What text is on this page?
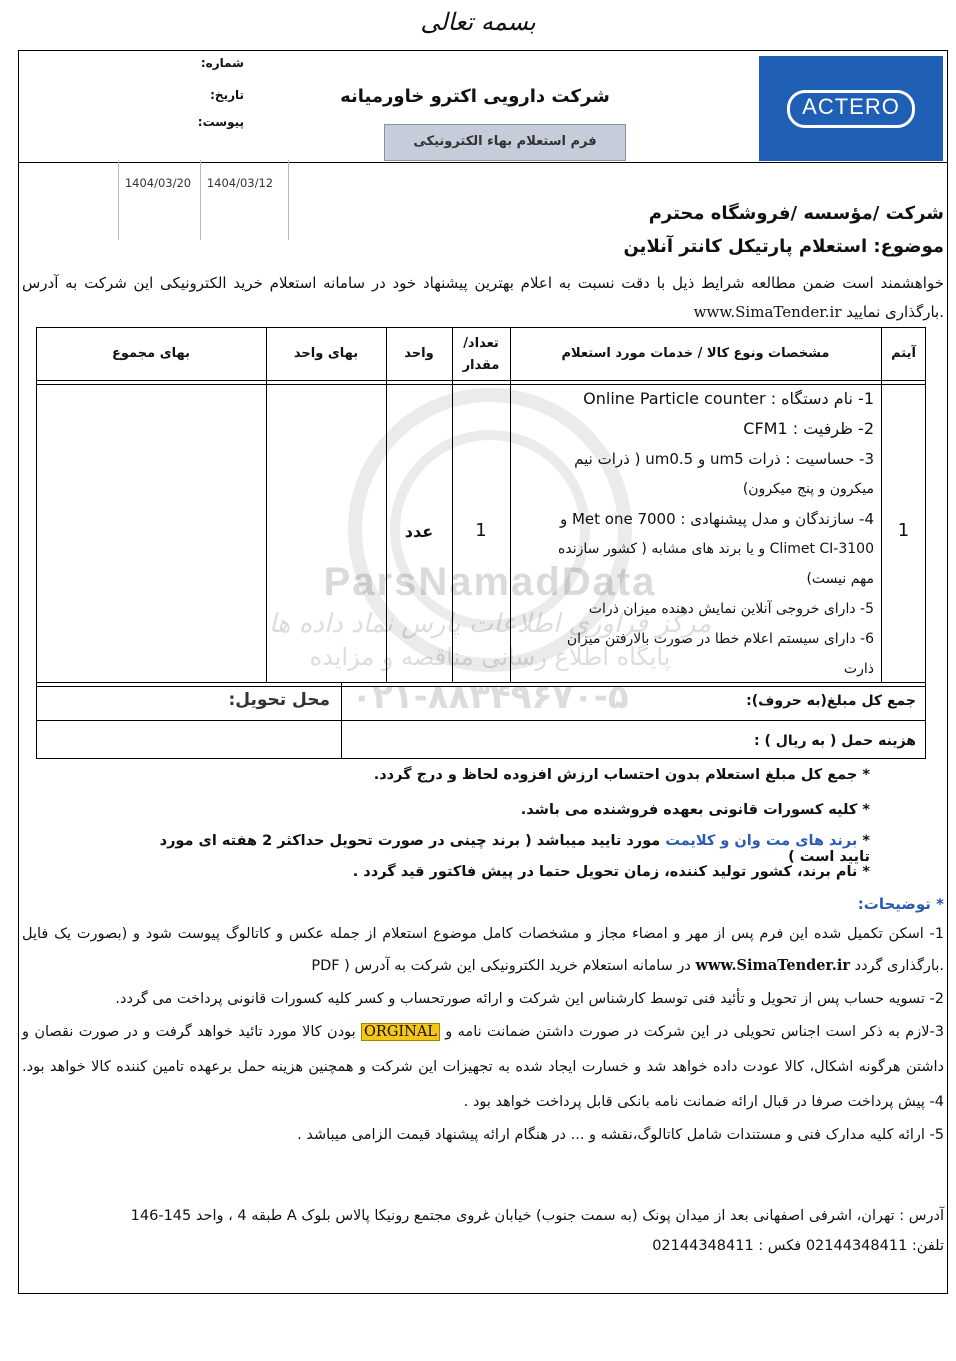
ParsNamadData
مرکز فراوری اطلاعات پارس نماد داده ها
پایگاه اطلاع رسانی مناقصه و مزایده
۰۲۱-۸۸۳۴۹۶۷۰-۵
بسمه تعالی
ACTERO
شرکت دارویی اکترو خاورمیانه
فرم استعلام بهاء الکترونیکی
شماره:
تاریخ:
پیوست:
1404/03/12
1404/03/20
شرکت /مؤسسه /فروشگاه محترم
موضوع: استعلام پارتیکل کانتر آنلاین
خواهشمند است ضمن مطالعه شرایط ذیل با دقت نسبت به اعلام بهترین پیشنهاد خود در سامانه استعلام خرید الکترونیکی این شرکت به آدرس
www.SimaTender.ir بارگذاری نمایید.
آیتم
مشخصات ونوع کالا / خدمات مورد استعلام
تعداد/ مقدار
واحد
بهای واحد
بهای مجموع
1
1
عدد
1- نام دستگاه : Online Particle counter
2- ظرفیت : CFM1
3- حساسیت : ذرات um5 و um0.5 ( ذرات نیم
میکرون و پنج میکرون)
4- سازندگان و مدل پیشنهادی : Met one 7000 و
Climet CI-3100 و یا برند های مشابه ( کشور سازنده
مهم نیست)
5- دارای خروجی آنلاین نمایش دهنده میزان ذرات
6- دارای سیستم اعلام خطا در صورت بالارفتن میزان
ذارت
جمع کل مبلغ(به حروف):
محل تحویل:
هزینه حمل ( به ریال ) :
* جمع کل مبلغ استعلام بدون احتساب ارزش افزوده لحاظ و درج گردد.
* کلیه کسورات قانونی بعهده فروشنده می باشد.
* برند های مت وان و کلایمت مورد تایید میباشد ( برند چینی در صورت تحویل حداکثر 2 هفته ای مورد تایید است )
* نام برند، کشور تولید کننده، زمان تحویل حتما در پیش فاکتور قید گردد .
* توضیحات:
1- اسکن تکمیل شده این فرم پس از مهر و امضاء مجاز و مشخصات کامل موضوع استعلام از جمله عکس و کاتالوگ پیوست شود و (بصورت یک فایل
PDF ) در سامانه استعلام خرید الکترونیکی این شرکت به آدرس www.SimaTender.ir بارگذاری گردد.
2- تسویه حساب پس از تحویل و تأئید فنی توسط کارشناس این شرکت و ارائه صورتحساب و کسر کلیه کسورات قانونی پرداخت می گردد.
3-لازم به ذکر است اجناس تحویلی در این شرکت در صورت داشتن ضمانت نامه و ORGINAL بودن کالا مورد تائید خواهد گرفت و در صورت نقصان و
داشتن هرگونه اشکال، کالا عودت داده خواهد شد و خسارت ایجاد شده به تجهیزات این شرکت و همچنین هزینه حمل برعهده تامین کننده کالا خواهد بود.
4- پیش پرداخت صرفا در قبال ارائه ضمانت نامه بانکی قابل پرداخت خواهد بود .
5- ارائه کلیه مدارک فنی و مستندات شامل کاتالوگ،نقشه و ... در هنگام ارائه پیشنهاد قیمت الزامی میباشد .
آدرس : تهران، اشرفی اصفهانی بعد از میدان پونک (به سمت جنوب) خیابان غروی مجتمع رونیکا پالاس بلوک A طبقه 4 ، واحد 145-146
تلفن: 02144348411 فکس : 02144348411
